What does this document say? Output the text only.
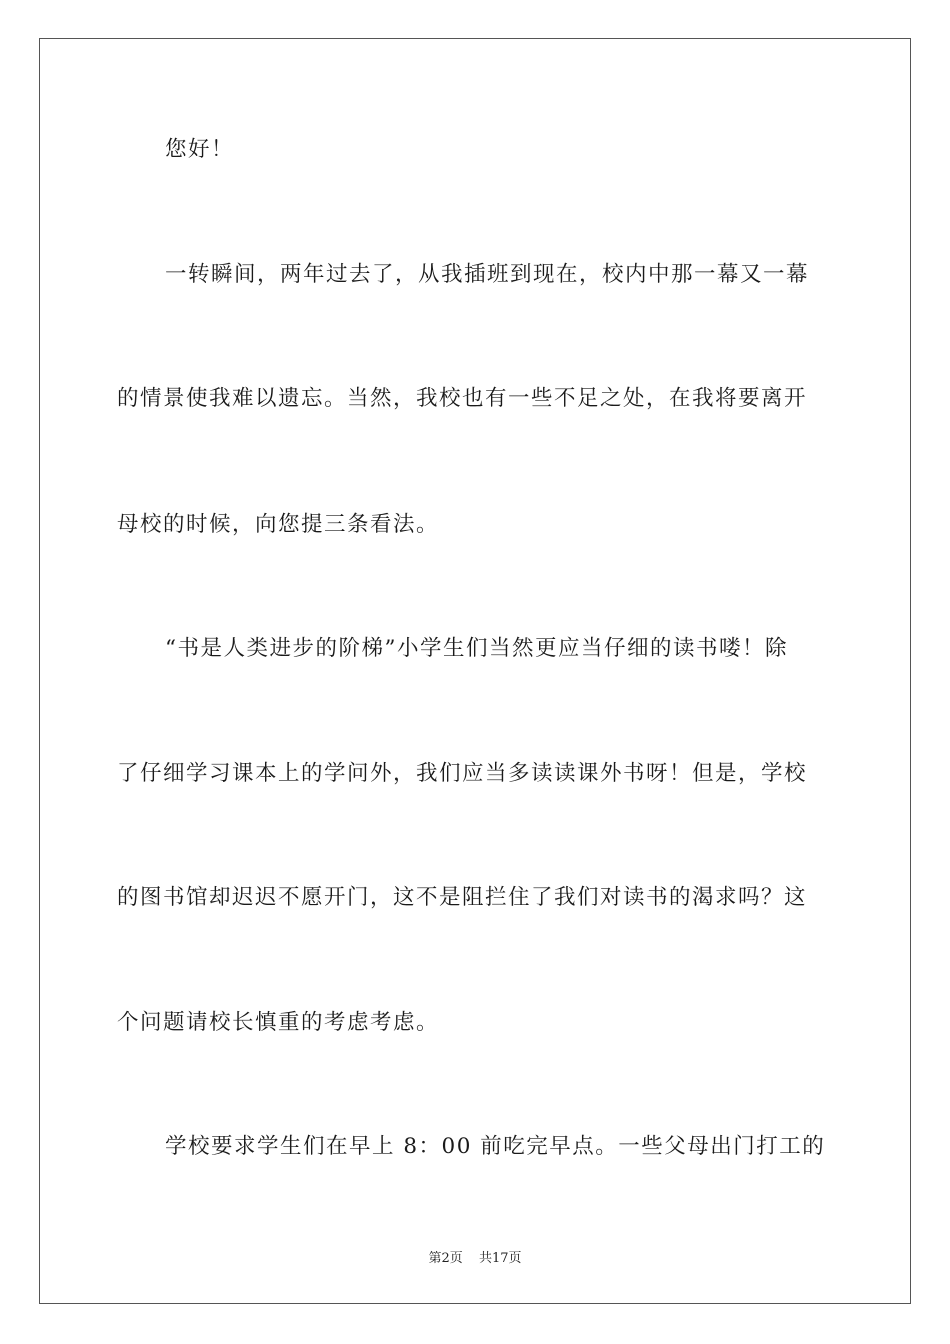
您好！
一转瞬间，两年过去了，从我插班到现在，校内中那一幕又一幕
的情景使我难以遗忘。当然，我校也有一些不足之处，在我将要离开
母校的时候，向您提三条看法。
“书是人类进步的阶梯”小学生们当然更应当仔细的读书喽！除
了仔细学习课本上的学问外，我们应当多读读课外书呀！但是，学校
的图书馆却迟迟不愿开门，这不是阻拦住了我们对读书的渴求吗？这
个问题请校长慎重的考虑考虑。
学校要求学生们在早上 8：00 前吃完早点。一些父母出门打工的
第2页 共17页
